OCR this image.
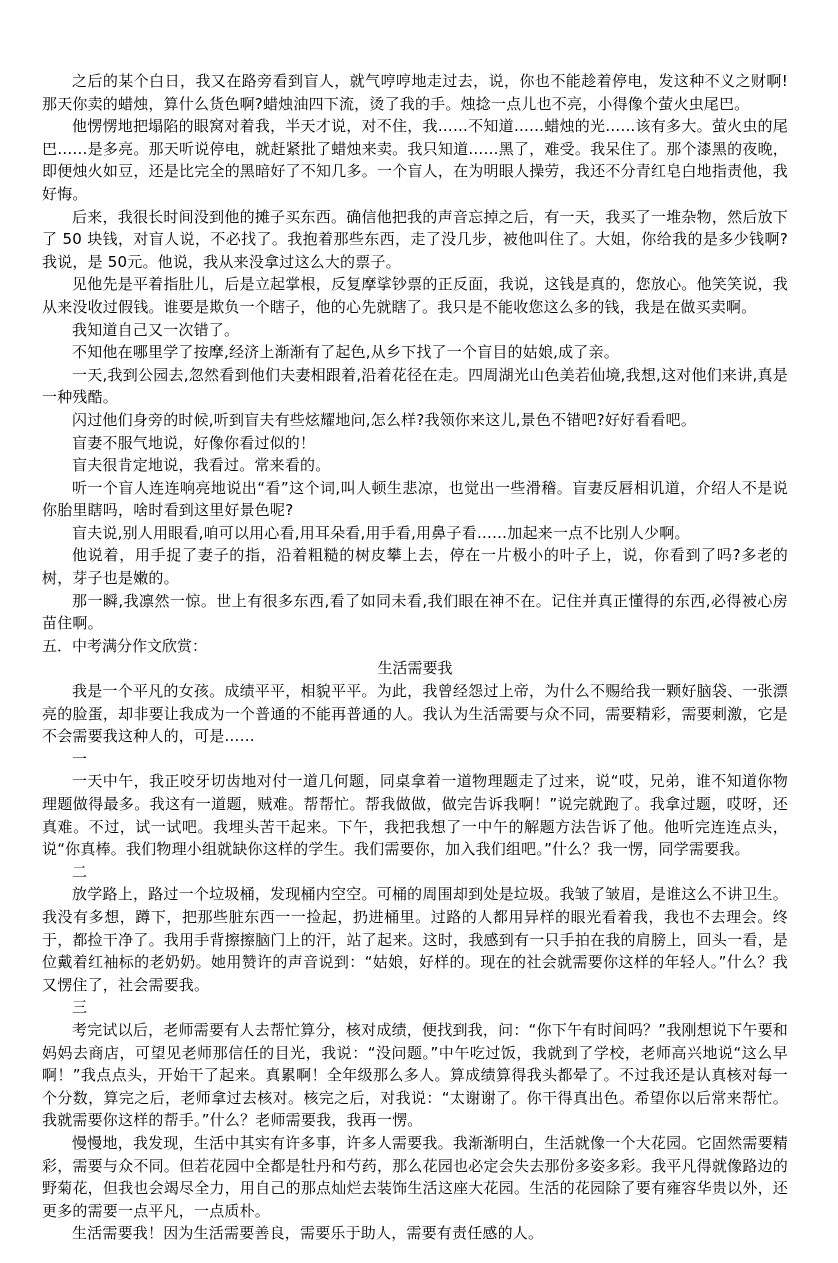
之后的某个白日，我又在路旁看到盲人，就气哼哼地走过去，说，你也不能趁着停电，发这种不义之财啊!那天你卖的蜡烛，算什么货色啊?蜡烛油四下流，烫了我的手。烛捻一点儿也不亮，小得像个萤火虫尾巴。

他愣愣地把塌陷的眼窝对着我，半天才说，对不住，我……不知道……蜡烛的光……该有多大。萤火虫的尾巴……是多亮。那天听说停电，就赶紧批了蜡烛来卖。我只知道……黑了，难受。我呆住了。那个漆黑的夜晚，即便烛火如豆，还是比完全的黑暗好了不知几多。一个盲人，在为明眼人操劳，我还不分青红皂白地指责他，我好悔。

后来，我很长时间没到他的摊子买东西。确信他把我的声音忘掉之后，有一天，我买了一堆杂物，然后放下了 50 块钱，对盲人说，不必找了。我抱着那些东西，走了没几步，被他叫住了。大姐，你给我的是多少钱啊?我说，是 50元。他说，我从来没拿过这么大的票子。

见他先是平着指肚儿，后是立起掌根，反复摩挲钞票的正反面，我说，这钱是真的，您放心。他笑笑说，我从来没收过假钱。谁要是欺负一个瞎子，他的心先就瞎了。我只是不能收您这么多的钱，我是在做买卖啊。

我知道自己又一次错了。

不知他在哪里学了按摩,经济上渐渐有了起色,从乡下找了一个盲目的姑娘,成了亲。

一天,我到公园去,忽然看到他们夫妻相跟着,沿着花径在走。四周湖光山色美若仙境,我想,这对他们来讲,真是一种残酷。

闪过他们身旁的时候,听到盲夫有些炫耀地问,怎么样?我领你来这儿,景色不错吧?好好看看吧。

盲妻不服气地说，好像你看过似的！

盲夫很肯定地说，我看过。常来看的。

听一个盲人连连响亮地说出“看”这个词,叫人顿生悲凉，也觉出一些滑稽。盲妻反唇相讥道，介绍人不是说你胎里瞎吗，啥时看到这里好景色呢?

盲夫说,别人用眼看,咱可以用心看,用耳朵看,用手看,用鼻子看……加起来一点不比别人少啊。

他说着，用手捉了妻子的指，沿着粗糙的树皮攀上去，停在一片极小的叶子上，说，你看到了吗?多老的树，芽子也是嫩的。

那一瞬,我凛然一惊。世上有很多东西,看了如同未看,我们眼在神不在。记住并真正懂得的东西,必得被心房苗住啊。

五．中考满分作文欣赏：

生活需要我

我是一个平凡的女孩。成绩平平，相貌平平。为此，我曾经怨过上帝，为什么不赐给我一颗好脑袋、一张漂亮的脸蛋，却非要让我成为一个普通的不能再普通的人。我认为生活需要与众不同，需要精彩，需要刺激，它是不会需要我这种人的，可是……

一

一天中午，我正咬牙切齿地对付一道几何题，同桌拿着一道物理题走了过来，说“哎，兄弟，谁不知道你物理题做得最多。我这有一道题，贼难。帮帮忙。帮我做做，做完告诉我啊！”说完就跑了。我拿过题，哎呀，还真难。不过，试一试吧。我埋头苦干起来。下午，我把我想了一中午的解题方法告诉了他。他听完连连点头，说“你真棒。我们物理小组就缺你这样的学生。我们需要你，加入我们组吧。”什么？我一愣，同学需要我。

二

放学路上，路过一个垃圾桶，发现桶内空空。可桶的周围却到处是垃圾。我皱了皱眉，是谁这么不讲卫生。我没有多想，蹲下，把那些脏东西一一捡起，扔进桶里。过路的人都用异样的眼光看着我，我也不去理会。终于，都捡干净了。我用手背擦擦脑门上的汗，站了起来。这时，我感到有一只手拍在我的肩膀上，回头一看，是位戴着红袖标的老奶奶。她用赞许的声音说到：“姑娘，好样的。现在的社会就需要你这样的年轻人。”什么？我又愣住了，社会需要我。

三

考完试以后，老师需要有人去帮忙算分，核对成绩，便找到我，问：“你下午有时间吗？”我刚想说下午要和妈妈去商店，可望见老师那信任的目光，我说：“没问题。”中午吃过饭，我就到了学校，老师高兴地说“这么早啊！”我点点头，开始干了起来。真累啊！全年级那么多人。算成绩算得我头都晕了。不过我还是认真核对每一个分数，算完之后，老师拿过去核对。核完之后，对我说：“太谢谢了。你干得真出色。希望你以后常来帮忙。我就需要你这样的帮手。”什么？老师需要我，我再一愣。

慢慢地，我发现，生活中其实有许多事，许多人需要我。我渐渐明白，生活就像一个大花园。它固然需要精彩，需要与众不同。但若花园中全都是牡丹和芍药，那么花园也必定会失去那份多姿多彩。我平凡得就像路边的野菊花，但我也会竭尽全力，用自己的那点灿烂去装饰生活这座大花园。生活的花园除了要有雍容华贵以外，还更多的需要一点平凡，一点质朴。

生活需要我！因为生活需要善良，需要乐于助人，需要有责任感的人。
